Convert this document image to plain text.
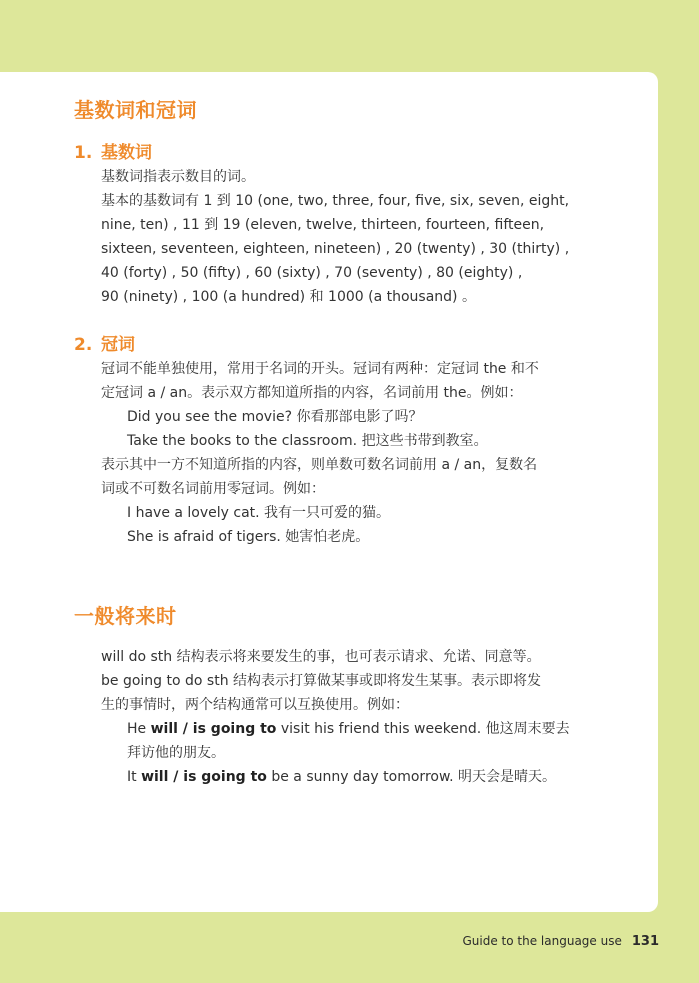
基数词和冠词
1. 基数词
基数词指表示数目的词。
基本的基数词有 1 到 10 (one, two, three, four, five, six, seven, eight,
nine, ten) , 11 到 19 (eleven, twelve, thirteen, fourteen, fifteen,
sixteen, seventeen, eighteen, nineteen) , 20 (twenty) , 30 (thirty) ,
40 (forty) , 50 (fifty) , 60 (sixty) , 70 (seventy) , 80 (eighty) ,
90 (ninety) , 100 (a hundred) 和 1000 (a thousand) 。
2. 冠词
冠词不能单独使用，常用于名词的开头。冠词有两种：定冠词 the 和不
定冠词 a / an。表示双方都知道所指的内容，名词前用 the。例如：
Did you see the movie? 你看那部电影了吗？
Take the books to the classroom. 把这些书带到教室。
表示其中一方不知道所指的内容，则单数可数名词前用 a / an，复数名
词或不可数名词前用零冠词。例如：
I have a lovely cat. 我有一只可爱的猫。
She is afraid of tigers. 她害怕老虎。
一般将来时
will do sth 结构表示将来要发生的事，也可表示请求、允诺、同意等。
be going to do sth 结构表示打算做某事或即将发生某事。表示即将发
生的事情时，两个结构通常可以互换使用。例如：
He will / is going to visit his friend this weekend. 他这周末要去
拜访他的朋友。
It will / is going to be a sunny day tomorrow. 明天会是晴天。
Guide to the language use 131
